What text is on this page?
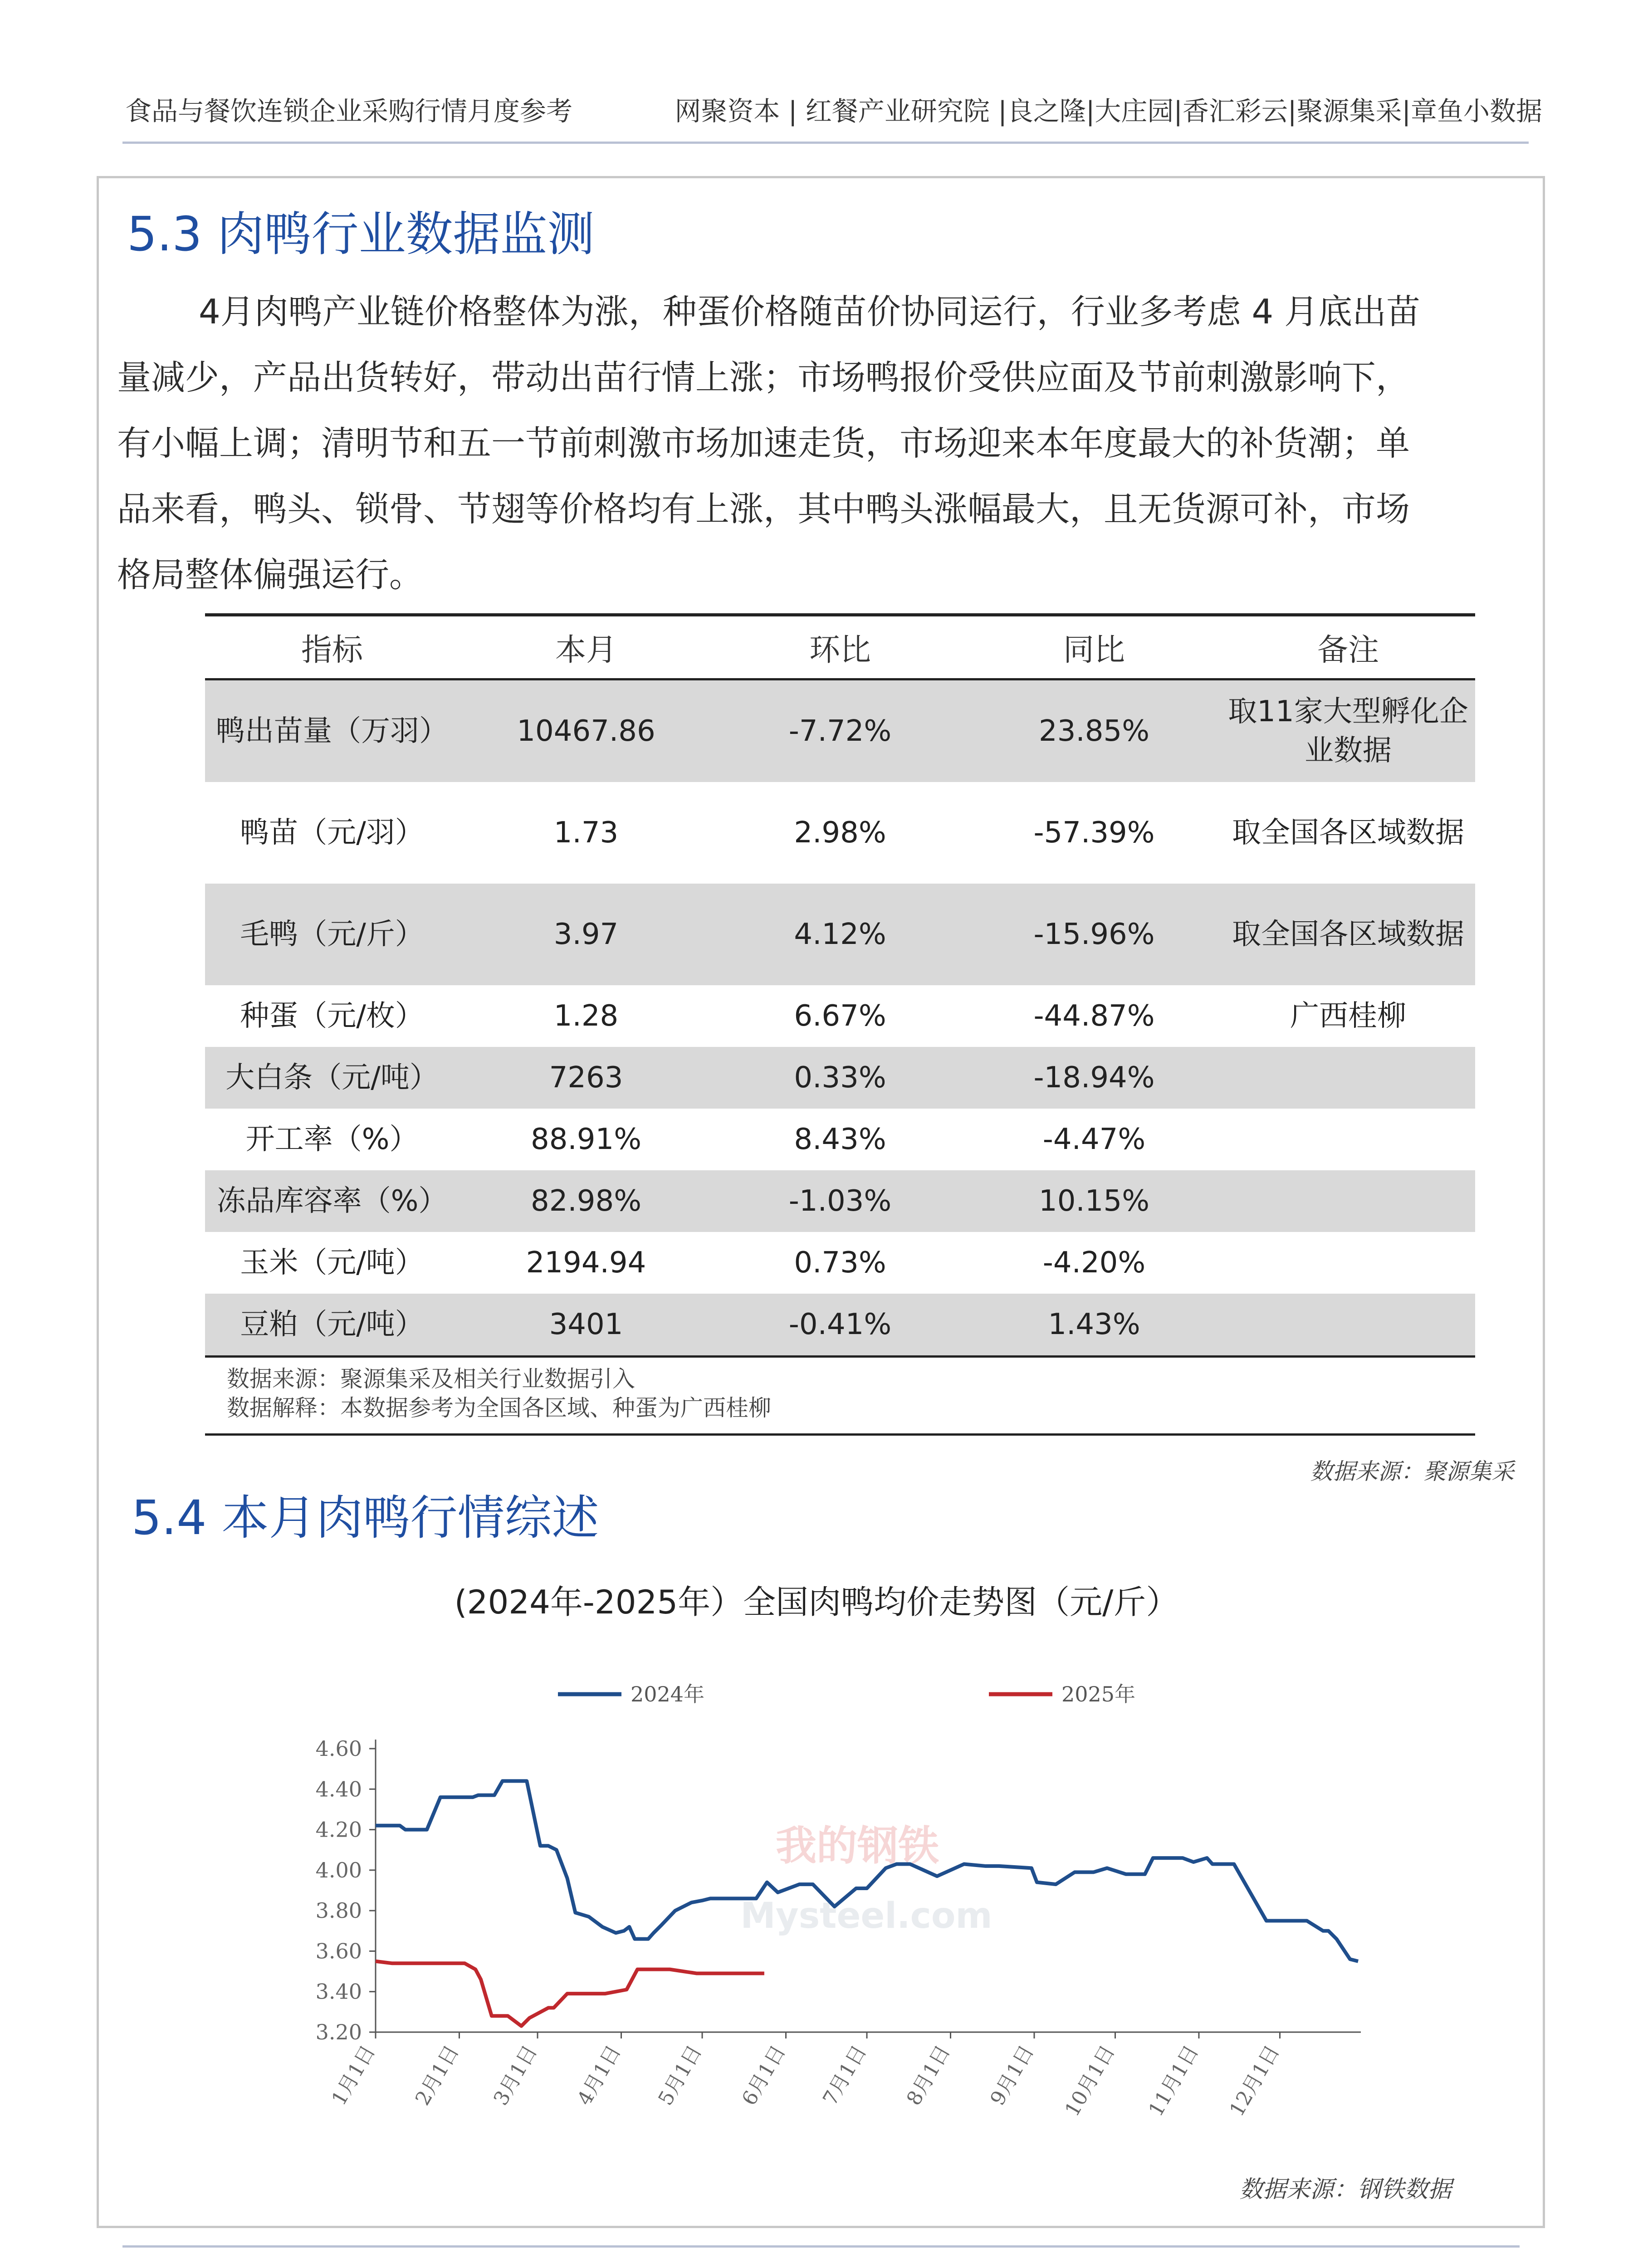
食品与餐饮连锁企业采购行情月度参考	网聚资本 | 红餐产业研究院 |良之隆|大庄园|香汇彩云|聚源集采|章鱼小数据
5.3 肉鸭行业数据监测
4月肉鸭产业链价格整体为涨，种蛋价格随苗价协同运行，行业多考虑 4 月底出苗
量减少，产品出货转好，带动出苗行情上涨；市场鸭报价受供应面及节前刺激影响下，
有小幅上调；清明节和五一节前刺激市场加速走货，市场迎来本年度最大的补货潮；单
品来看，鸭头、锁骨、节翅等价格均有上涨，其中鸭头涨幅最大，且无货源可补，市场
格局整体偏强运行。
指标	本月	环比	同比	备注
鸭出苗量（万羽）	10467.86	-7.72%	23.85%	取11家大型孵化企业数据
鸭苗（元/羽）	1.73	2.98%	-57.39%	取全国各区域数据
毛鸭（元/斤）	3.97	4.12%	-15.96%	取全国各区域数据
种蛋（元/枚）	1.28	6.67%	-44.87%	广西桂柳
大白条（元/吨）	7263	0.33%	-18.94%	
开工率（%）	88.91%	8.43%	-4.47%	
冻品库容率（%）	82.98%	-1.03%	10.15%	
玉米（元/吨）	2194.94	0.73%	-4.20%	
豆粕（元/吨）	3401	-0.41%	1.43%	
数据来源：聚源集采及相关行业数据引入
数据解释：本数据参考为全国各区域、种蛋为广西桂柳
数据来源：聚源集采
5.4 本月肉鸭行情综述
(2024年-2025年）全国肉鸭均价走势图（元/斤）
我的钢铁
Mysteel.com
4.60
4.40
4.20
4.00
3.80
3.60
3.40
3.20
1月1日 2月1日 3月1日 4月1日 5月1日 6月1日 7月1日 8月1日 9月1日 10月1日 11月1日 12月1日
2024年	2025年
数据来源：钢铁数据
